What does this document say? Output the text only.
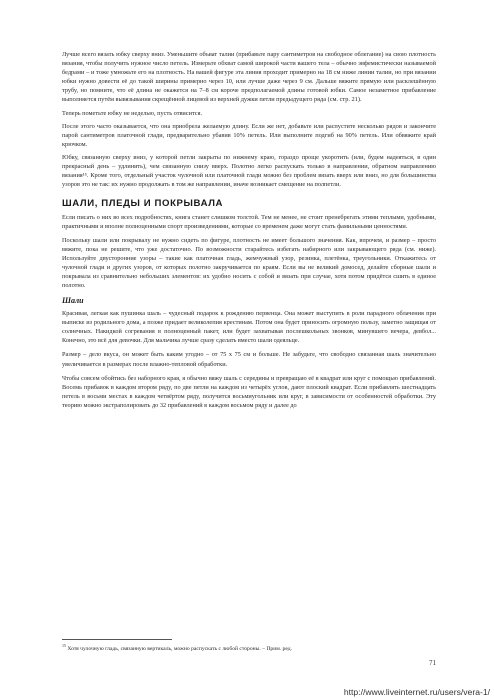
Лучше всего вязать юбку сверху вниз. Уменьшите объват талии (прибавьте пару сантиметров на свободное облегание) на свою плотность вязания, чтобы получить нужное число петель. Измерьте обхват самой широкой части вашего тела – обычно эвфемистически называемой бедрами – и тоже умножьте его на плотность. На вашей фигуре эта линия проходит примерно на 18 см ниже линии талии, но при вязании юбки нужно довести её до такой ширины примерно через 10, или лучше даже через 9 см. Дальше вяжите прямую или расклешённую трубу, но помните, что её длина не окажется на 7–8 см короче предполагаемой длины готовой юбки. Самое незаметное прибавление выполняется путём вывязывания скрещённой лицевой из верхней дужки петли предыдущего ряда (см. стр. 21).

Теперь пометьте юбку не неделью, пусть отвисится.

После этого часто оказывается, что она приобрела желаемую длину. Если же нет, добавьте или распустите несколько рядов и закончите парой сантиметров платочной глади, предварительно убавив 10% петель. Или выполните подгиб на 90% петель. Или обвяжите край крючком.

Юбку, связанную сверху вниз, у которой петли закрыты по нижнему краю, гораздо проще укоротить (или, будем надеяться, в один прекрасный день – удлинить), чем связанную снизу вверх. Полотно легко распускать только в направлении, обратном направлению вязания¹⁵. Кроме того, отдельный участок чулочной или платочной глади можно без проблем вязать вверх или вниз, но для большинства узоров это не так: их нужно продолжать в том же направлении, иначе возникает смещение на полпетли.

ШАЛИ, ПЛЕДЫ И ПОКРЫВАЛА

Если писать о них во всех подробностях, книга станет слишком толстой. Тем не менее, не стоит пренебрегать этими теплыми, удобными, практичными и вполне полноценными спорт произведениями, которые со временем даже могут стать фамильными ценностями.

Поскольку шали или покрывалу не нужно сидеть по фигуре, плотность не имеет большого значения. Как, впрочем, и размер – просто вяжите, пока не решите, что уже достаточно. По возможности старайтесь избегать набирного или закрывающего ряда (см. ниже). Используйте двусторонние узоры – такие как платочная гладь, жемчужный узор, резинка, плетёнка, треугольники. Откажитесь от чулочной глади и других узоров, от которых полотно закручивается по краям. Если вы не великий домосед, делайте сборные шали и покрывала из сравнительно небольших элементов: их удобно носить с собой и вязать при случае, хотя потом придётся сшить в единое полотно.

Шали

Красивая, легкая как пушинка шаль – чудесный подарок к рождению первенца. Она может выступить в роли парадного облачения при выписке из родильного дома, а позже придает великолепия крестинам. Потом она будет приносить огромную пользу, заметно защищая от солнечных. Накидкой согревания в полноценный пакет, или будет захватывая послешкольных звонков, минувшего вечера, девбол... Конечно, это всё для девочки. Для мальчика лучше сразу сделать вместо шали одеяльце.

Размер – дело вкуса, он может быть каким угодно – от 75 х 75 см и больше. Не забудьте, что свободно связанная шаль значительно увеличивается в размерах после влажно-тепловой обработки.

Чтобы совсем обойтись без наборного края, я обычно вяжу шаль с середины и превращаю её в квадрат или круг с помощью прибавлений. Восемь прибавок в каждом втором ряду, по две петли на каждом из четырёх углов, дают плоский квадрат. Если прибавлять шестнадцать петель в восьми местах в каждом четвёртом ряду, получится восьмиугольник или круг, в зависимости от особенностей обработки. Эту теорию можно экстраполировать до 32 прибавлений в каждом восьмом ряду и далее до

$^{15}$ Хотя чулочную гладь, связанную вертикаль, можно распускать с любой стороны. – Прим. ред.

71
http://www.liveinternet.ru/users/vera-1/
